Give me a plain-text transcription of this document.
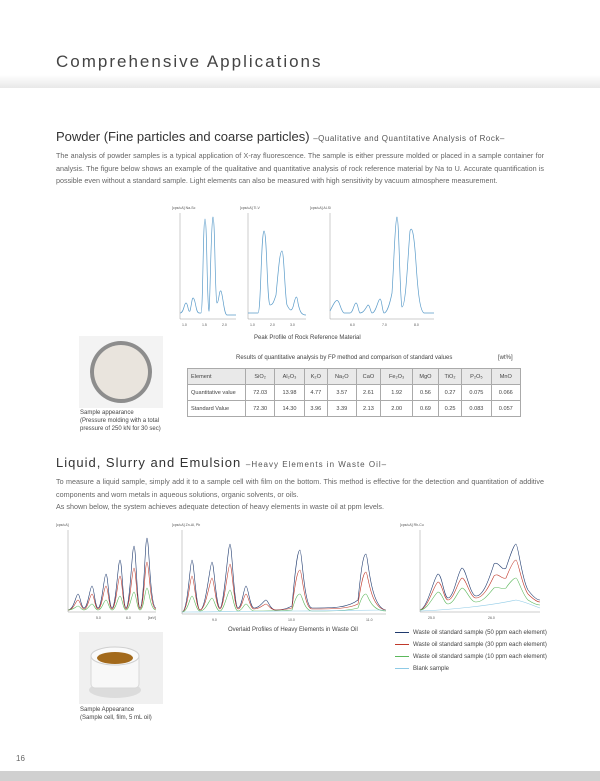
Comprehensive Applications
Powder (Fine particles and coarse particles) –Qualitative and Quantitative Analysis of Rock–
The analysis of powder samples is a typical application of X-ray fluorescence. The sample is either pressure molded or placed in a sample container for analysis. The figure below shows an example of the qualitative and quantitative analysis of rock reference material by Na to U. Accurate quantification is possible even without a standard sample. Light elements can also be measured with high sensitivity by vacuum atmosphere measurement.
[cps/uA] Na-Sc
1.0	1.5	2.0
[cps/uA] Ti-V
1.0	2.0	3.0
[cps/uA] Al-Si
6.0	7.0	8.0
Peak Profile of Rock Reference Material
Sample appearance
(Pressure molding with a total
pressure of 250 kN for 30 sec)
Results of quantitative analysis by FP method and comparison of standard values	[wt%]
Element	SiO₂	Al₂O₃	K₂O	Na₂O	CaO	Fe₂O₃	MgO	TiO₂	P₂O₅	MnO
Quantitative value	72.03	13.98	4.77	3.57	2.61	1.92	0.56	0.27	0.075	0.066
Standard Value	72.30	14.30	3.96	3.39	2.13	2.00	0.69	0.25	0.083	0.057
Liquid, Slurry and Emulsion –Heavy Elements in Waste Oil–
To measure a liquid sample, simply add it to a sample cell with film on the bottom. This method is effective for the detection and quantitation of additive components and worn metals in aqueous solutions, organic solvents, or oils.
As shown below, the system achieves adequate detection of heavy elements in waste oil at ppm levels.
[cps/uA]
5.0	6.0	[keV]
[cps/uA] Zn-Al, Pb
9.0	10.0	11.0
Overlaid Profiles of Heavy Elements in Waste Oil
[cps/uA] Rh-Cu
25.0	26.0
Waste oil standard sample (50 ppm each element)
Waste oil standard sample (30 ppm each element)
Waste oil standard sample (10 ppm each element)
Blank sample
Sample Appearance
(Sample cell, film, 5 mL oil)
16
